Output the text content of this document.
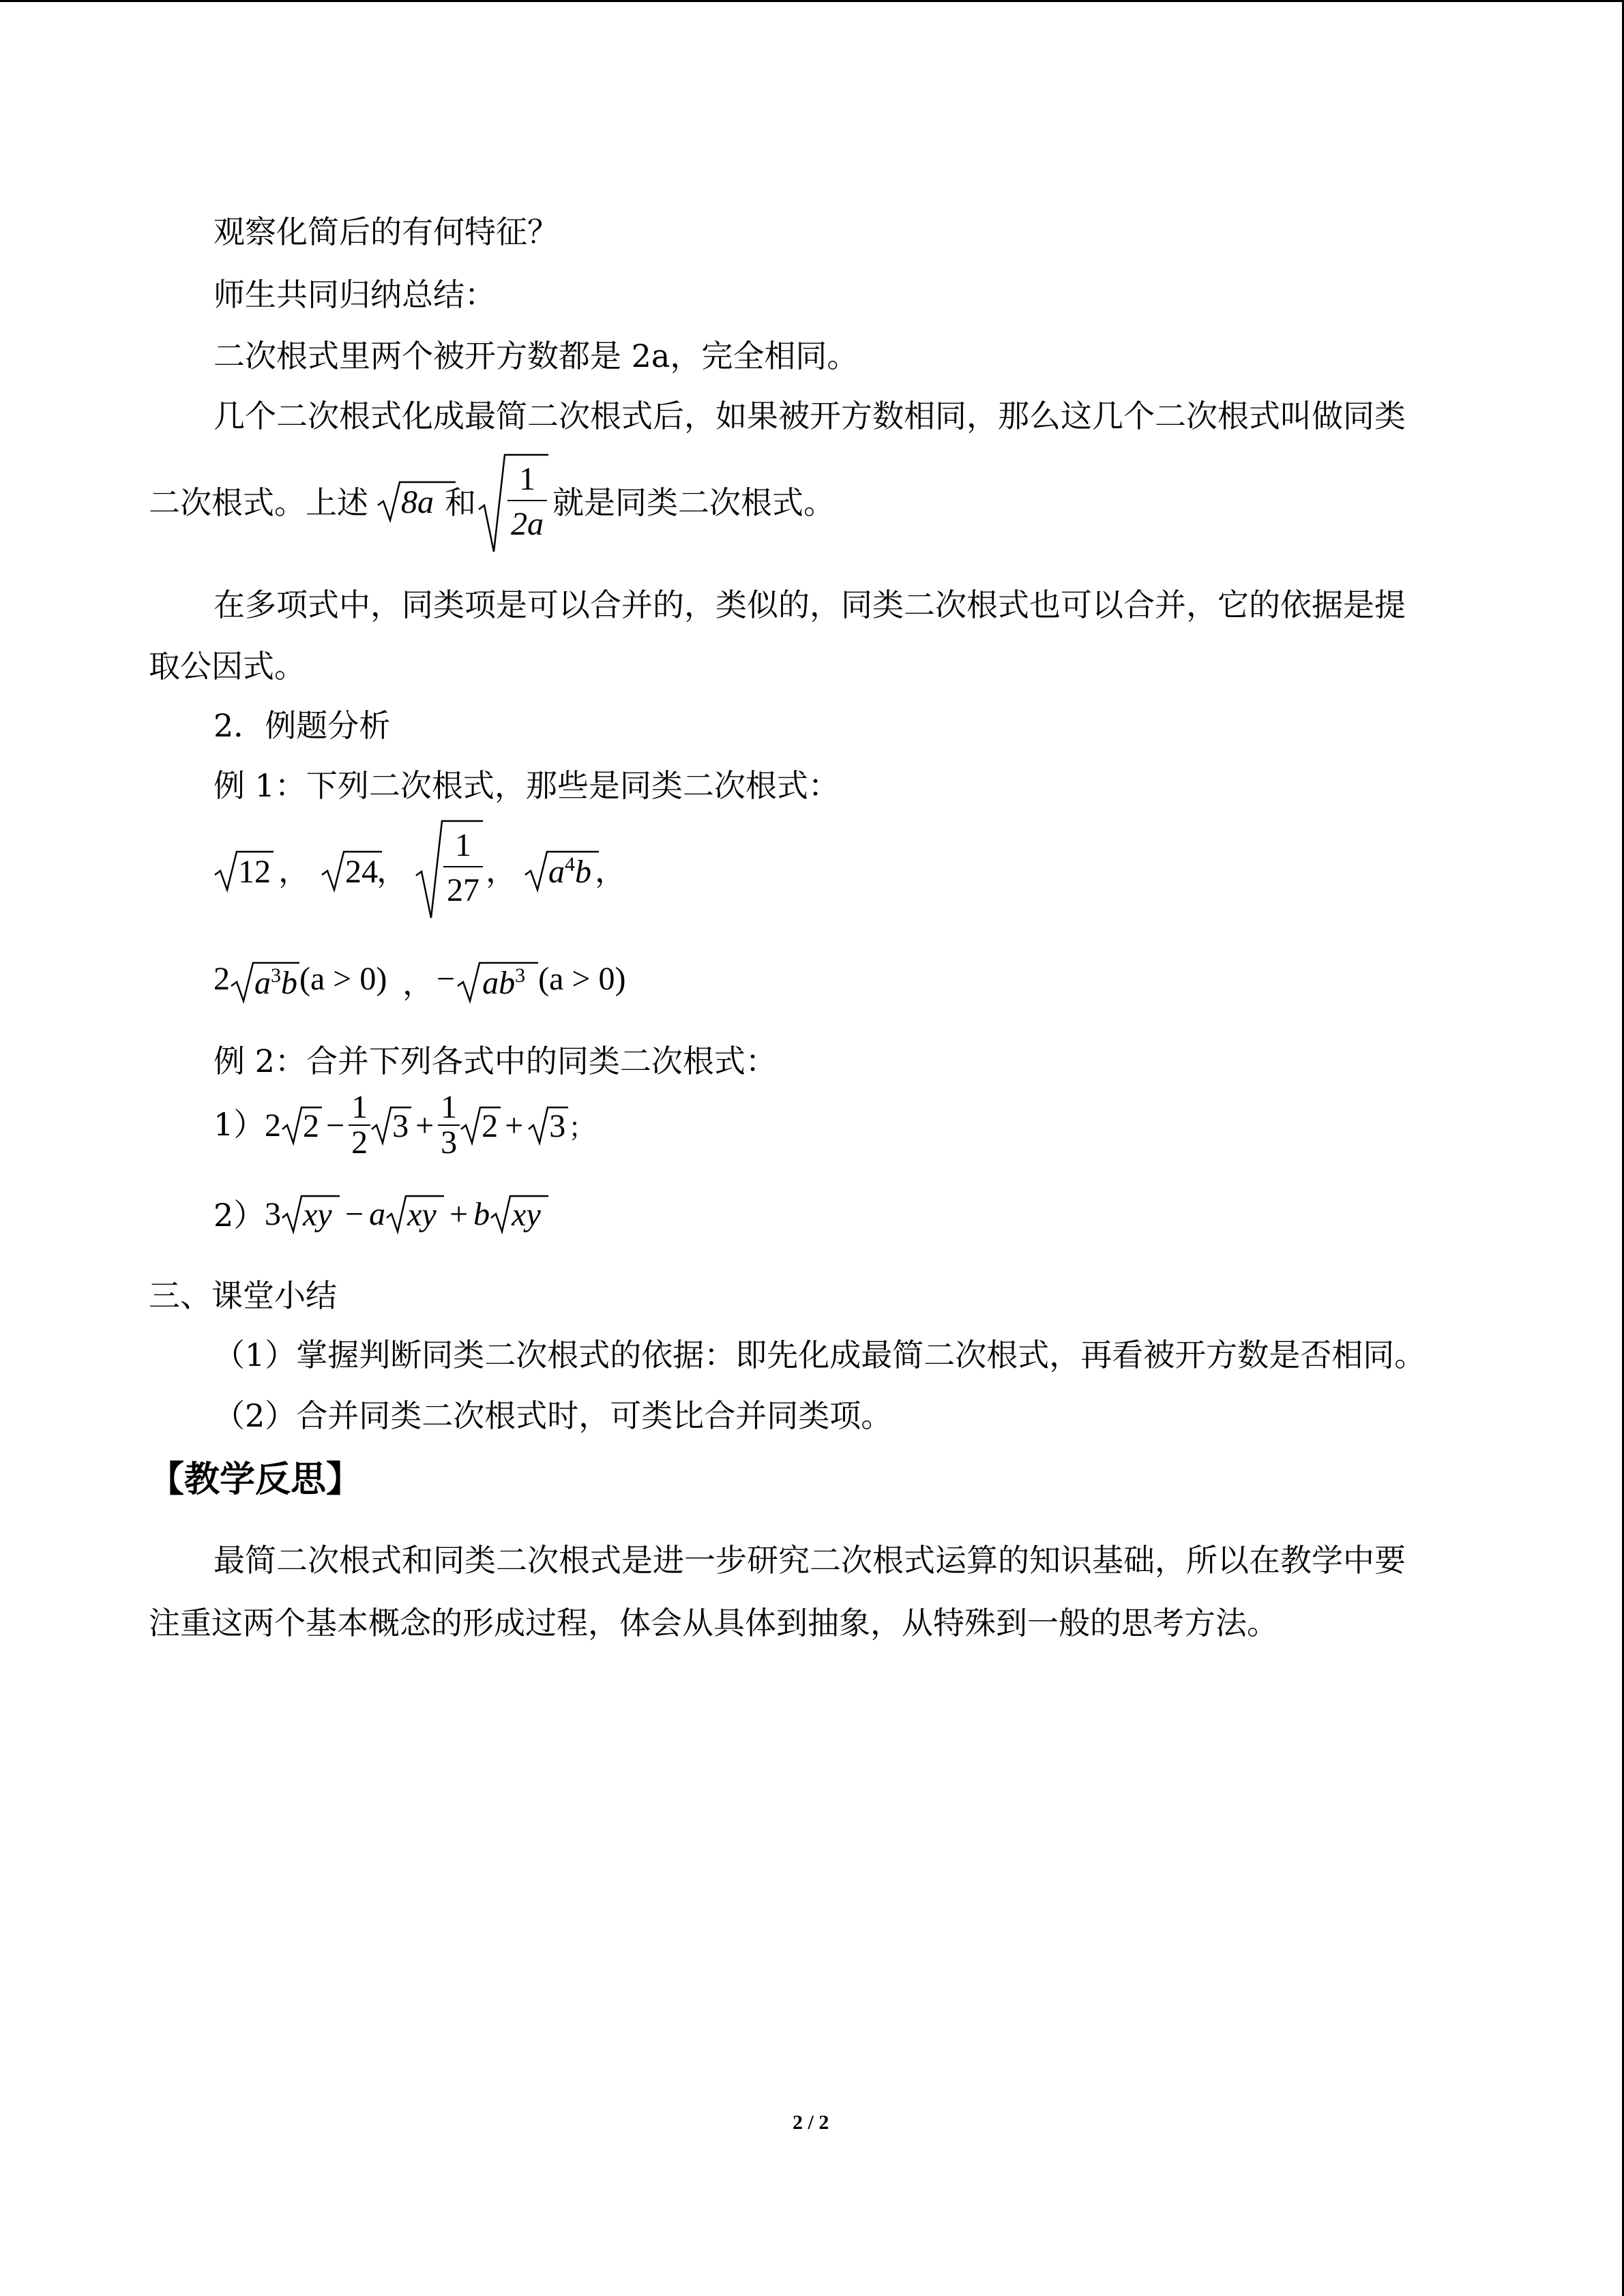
观察化简后的有何特征？
师生共同归纳总结：
二次根式里两个被开方数都是 2a，完全相同。
几个二次根式化成最简二次根式后，如果被开方数相同，那么这几个二次根式叫做同类
二次根式。上述 8a 和 $\frac{1}{2a}$ 就是同类二次根式。
在多项式中，同类项是可以合并的，类似的，同类二次根式也可以合并，它的依据是提
取公因式。
2．例题分析
例 1：下列二次根式，那些是同类二次根式：
12 ， 24
， $\frac{1}{27}$ ， $a^4b$ ，
2 $a^3b$ (a > 0) ， − $ab^3$ (a > 0)
例 2：合并下列各式中的同类二次根式：
1） 2 $2 - \frac{1}{2} 3 + \frac{1}{3} 2 + 3$ ；
2） 3 xy − a xy + b xy
三、课堂小结
（1）掌握判断同类二次根式的依据：即先化成最简二次根式，再看被开方数是否相同。
（2）合并同类二次根式时，可类比合并同类项。
【教学反思】
最简二次根式和同类二次根式是进一步研究二次根式运算的知识基础，所以在教学中要
注重这两个基本概念的形成过程，体会从具体到抽象，从特殊到一般的思考方法。
2 / 2
